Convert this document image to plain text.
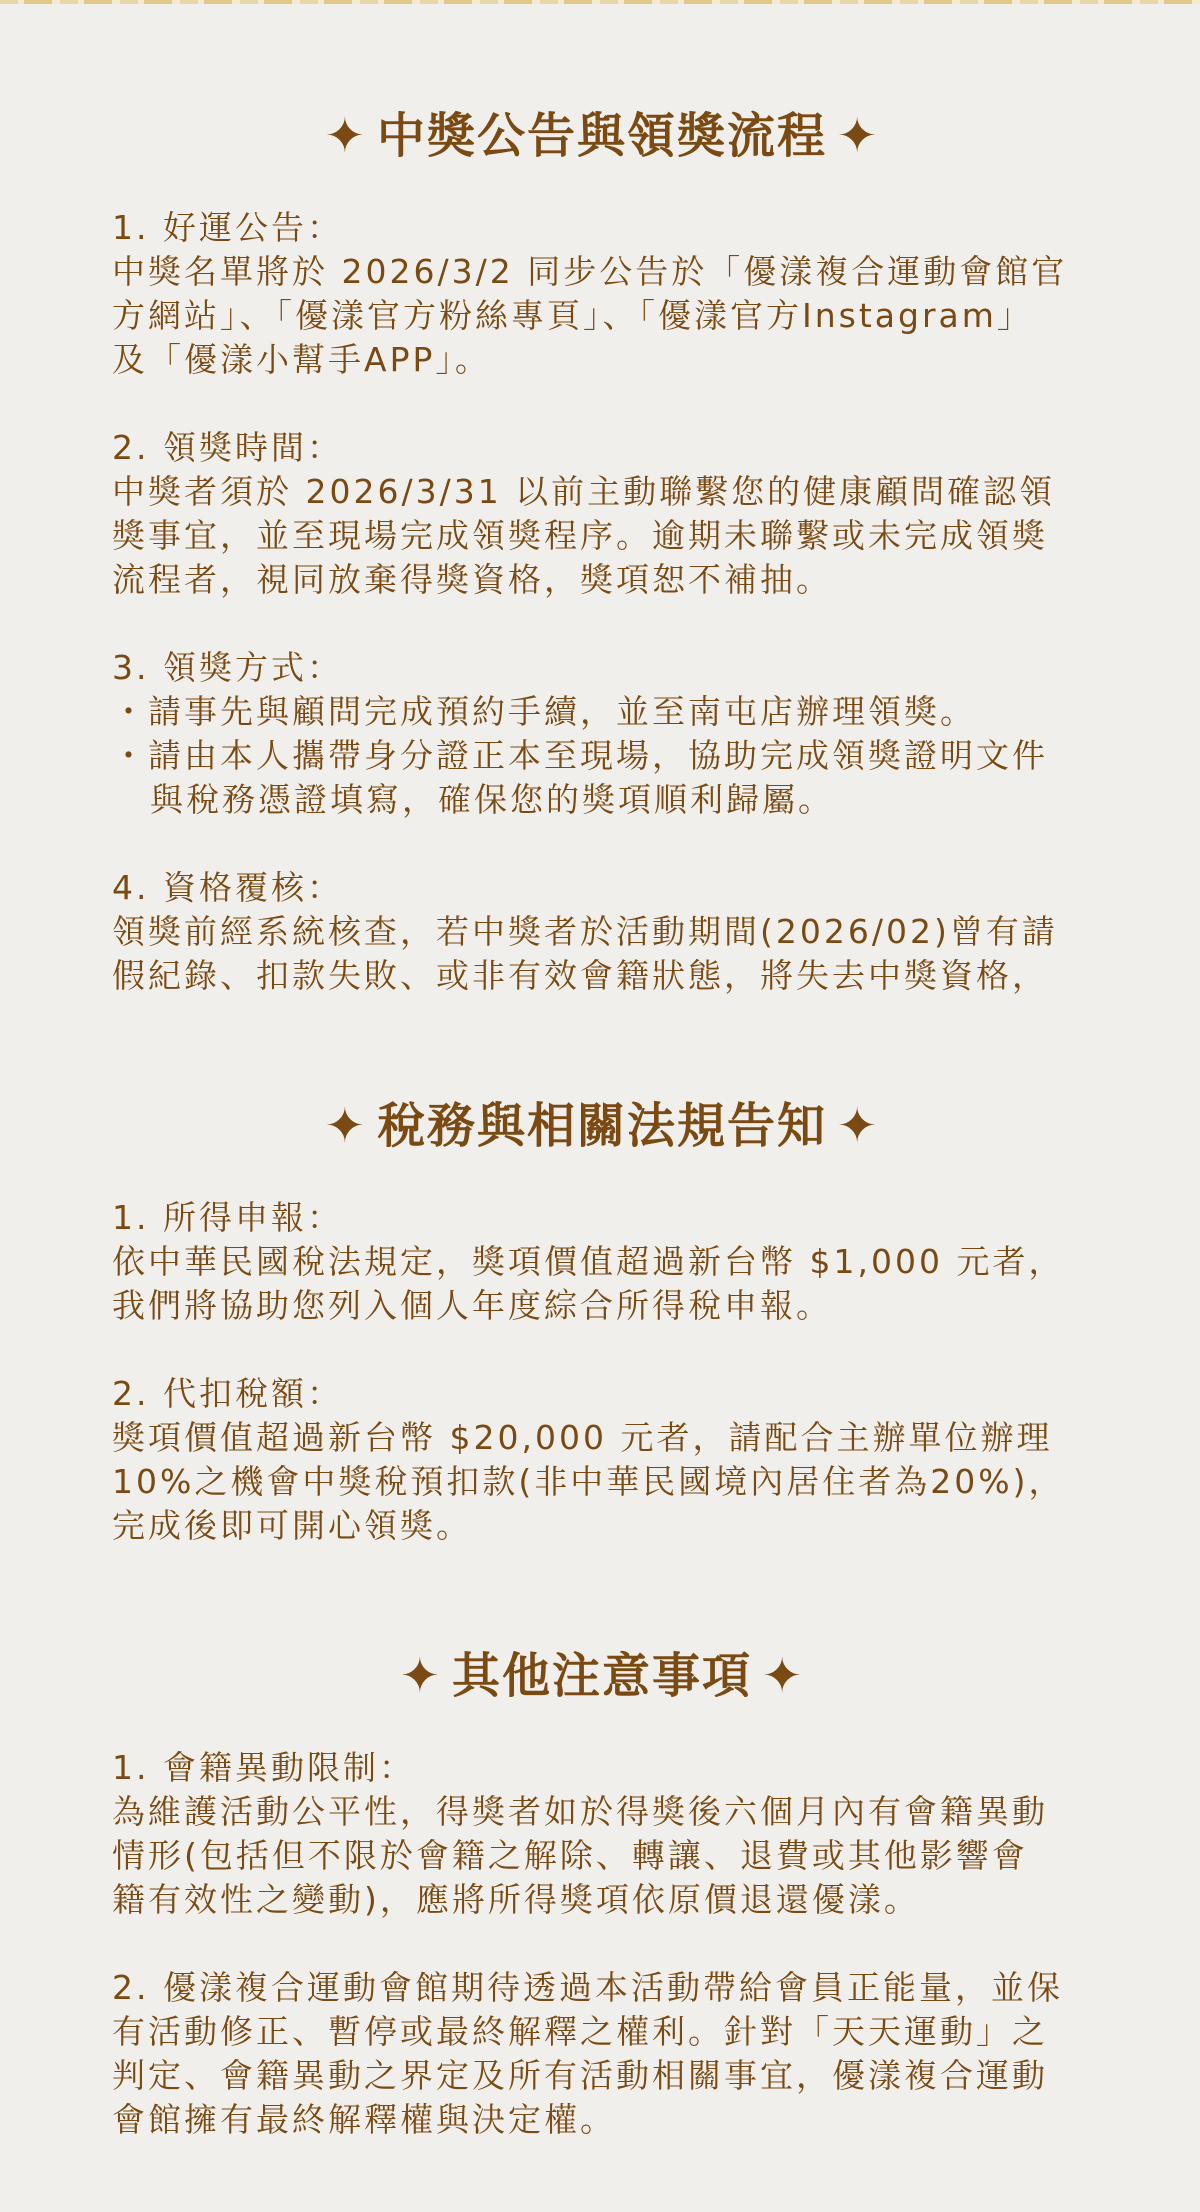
✦ 中獎公告與領獎流程 ✦
1. 好運公告：
中獎名單將於 2026/3/2 同步公告於「優漾複合運動會館官
方網站」、「優漾官方粉絲專頁」、「優漾官方Instagram」
及「優漾小幫手APP」。
2. 領獎時間：
中獎者須於 2026/3/31 以前主動聯繫您的健康顧問確認領
獎事宜，並至現場完成領獎程序。逾期未聯繫或未完成領獎
流程者，視同放棄得獎資格，獎項恕不補抽。
3. 領獎方式：
・請事先與顧問完成預約手續，並至南屯店辦理領獎。
・請由本人攜帶身分證正本至現場，協助完成領獎證明文件
與稅務憑證填寫，確保您的獎項順利歸屬。
4. 資格覆核：
領獎前經系統核查，若中獎者於活動期間(2026/02)曾有請
假紀錄、扣款失敗、或非有效會籍狀態，將失去中獎資格，
✦ 稅務與相關法規告知 ✦
1. 所得申報：
依中華民國稅法規定，獎項價值超過新台幣 $1,000 元者，
我們將協助您列入個人年度綜合所得稅申報。
2. 代扣稅額：
獎項價值超過新台幣 $20,000 元者，請配合主辦單位辦理
10%之機會中獎稅預扣款(非中華民國境內居住者為20%)，
完成後即可開心領獎。
✦ 其他注意事項 ✦
1. 會籍異動限制：
為維護活動公平性，得獎者如於得獎後六個月內有會籍異動
情形(包括但不限於會籍之解除、轉讓、退費或其他影響會
籍有效性之變動)，應將所得獎項依原價退還優漾。
2. 優漾複合運動會館期待透過本活動帶給會員正能量，並保
有活動修正、暫停或最終解釋之權利。針對「天天運動」之
判定、會籍異動之界定及所有活動相關事宜，優漾複合運動
會館擁有最終解釋權與決定權。
